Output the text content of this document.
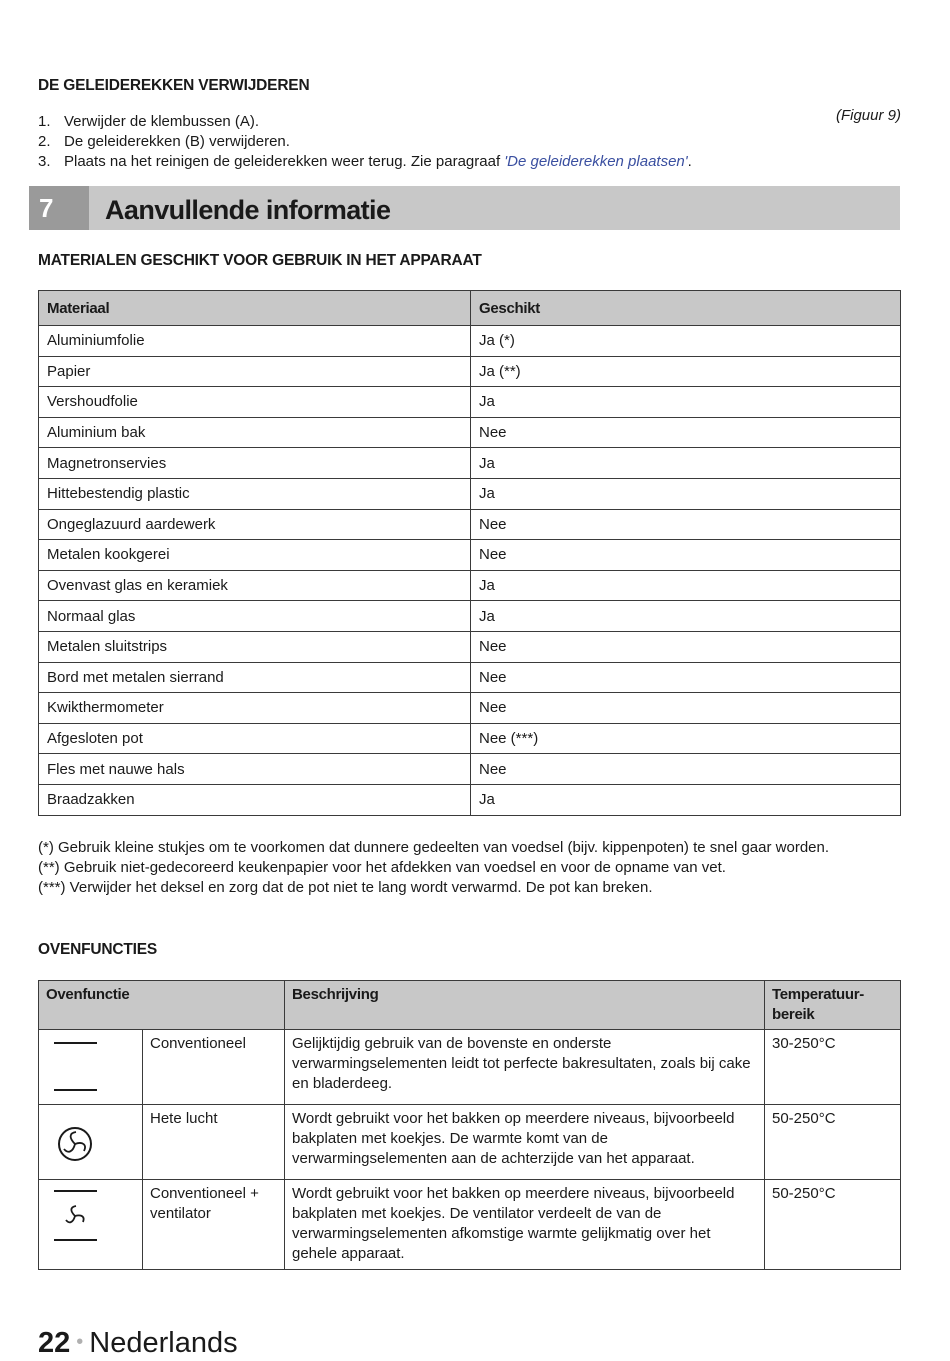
DE GELEIDEREKKEN VERWIJDEREN
(Figuur 9)
1. Verwijder de klembussen (A).
2. De geleiderekken (B) verwijderen.
3. Plaats na het reinigen de geleiderekken weer terug. Zie paragraaf 'De geleiderekken plaatsen'.
7	Aanvullende informatie
MATERIALEN GESCHIKT VOOR GEBRUIK IN HET APPARAAT
Materiaal	Geschikt
Aluminiumfolie	Ja (*)
Papier	Ja (**)
Vershoudfolie	Ja
Aluminium bak	Nee
Magnetronservies	Ja
Hittebestendig plastic	Ja
Ongeglazuurd aardewerk	Nee
Metalen kookgerei	Nee
Ovenvast glas en keramiek	Ja
Normaal glas	Ja
Metalen sluitstrips	Nee
Bord met metalen sierrand	Nee
Kwikthermometer	Nee
Afgesloten pot	Nee (***)
Fles met nauwe hals	Nee
Braadzakken	Ja
(*) Gebruik kleine stukjes om te voorkomen dat dunnere gedeelten van voedsel (bijv. kippenpoten) te snel gaar worden.
(**) Gebruik niet-gedecoreerd keukenpapier voor het afdekken van voedsel en voor de opname van vet.
(***) Verwijder het deksel en zorg dat de pot niet te lang wordt verwarmd. De pot kan breken.
OVENFUNCTIES
Ovenfunctie		Beschrijving	Temperatuur-
bereik

	Conventioneel	Gelijktijdig gebruik van de bovenste en onderste verwarmingselementen leidt tot perfecte bakresultaten, zoals bij cake en bladerdeeg.	30-250°C

	Hete lucht	Wordt gebruikt voor het bakken op meerdere niveaus, bijvoorbeeld bakplaten met koekjes. De warmte komt van de verwarmingselementen aan de achterzijde van het apparaat.	50-250°C

	Conventioneel +
ventilator	Wordt gebruikt voor het bakken op meerdere niveaus, bijvoorbeeld bakplaten met koekjes. De ventilator verdeelt de van de verwarmingselementen afkomstige warmte gelijkmatig over het gehele apparaat.	50-250°C
22 • Nederlands
